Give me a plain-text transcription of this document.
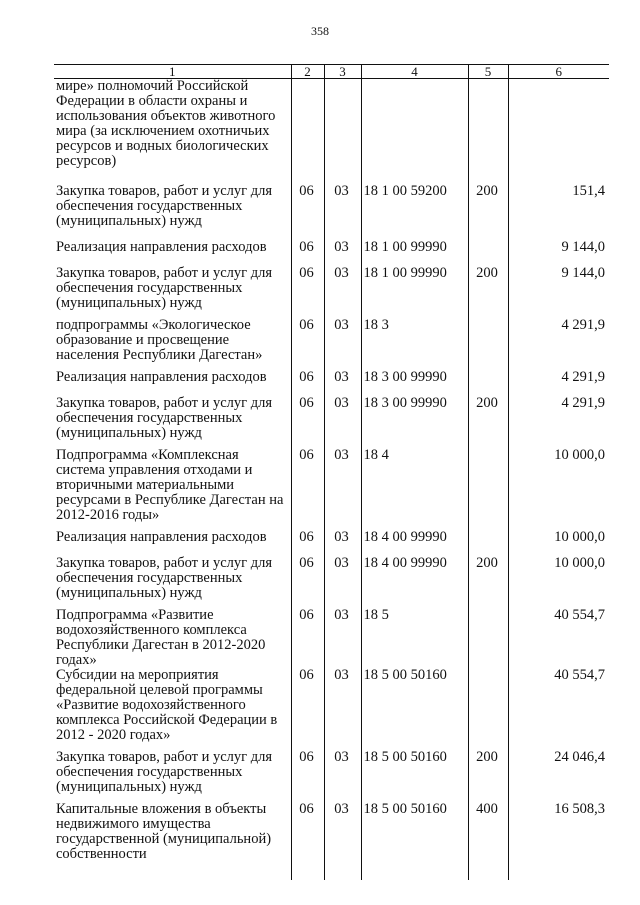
358
1	2	3	4	5	6
мире» полномочий Российской Федерации в области охраны и использования объектов животного мира (за исключением охотничьих ресурсов и водных биологических ресурсов)					
Закупка товаров, работ и услуг для обеспечения государственных (муниципальных) нужд	06	03	18 1 00 59200	200	151,4
Реализация направления расходов	06	03	18 1 00 99990		9 144,0
Закупка товаров, работ и услуг для обеспечения государственных (муниципальных) нужд	06	03	18 1 00 99990	200	9 144,0
подпрограммы «Экологическое образование и просвещение населения Республики Дагестан»	06	03	18 3		4 291,9
Реализация направления расходов	06	03	18 3 00 99990		4 291,9
Закупка товаров, работ и услуг для обеспечения государственных (муниципальных) нужд	06	03	18 3 00 99990	200	4 291,9
Подпрограмма «Комплексная система управления отходами и вторичными материальными ресурсами в Республике Дагестан на 2012-2016 годы»	06	03	18 4		10 000,0
Реализация направления расходов	06	03	18 4 00 99990		10 000,0
Закупка товаров, работ и услуг для обеспечения государственных (муниципальных) нужд	06	03	18 4 00 99990	200	10 000,0
Подпрограмма «Развитие водохозяйственного комплекса Республики Дагестан в 2012-2020 годах»	06	03	18 5		40 554,7
Субсидии на мероприятия федеральной целевой программы «Развитие водохозяйственного комплекса Российской Федерации в 2012 - 2020 годах»	06	03	18 5 00 50160		40 554,7
Закупка товаров, работ и услуг для обеспечения государственных (муниципальных) нужд	06	03	18 5 00 50160	200	24 046,4
Капитальные вложения в объекты недвижимого имущества государственной (муниципальной) собственности	06	03	18 5 00 50160	400	16 508,3
